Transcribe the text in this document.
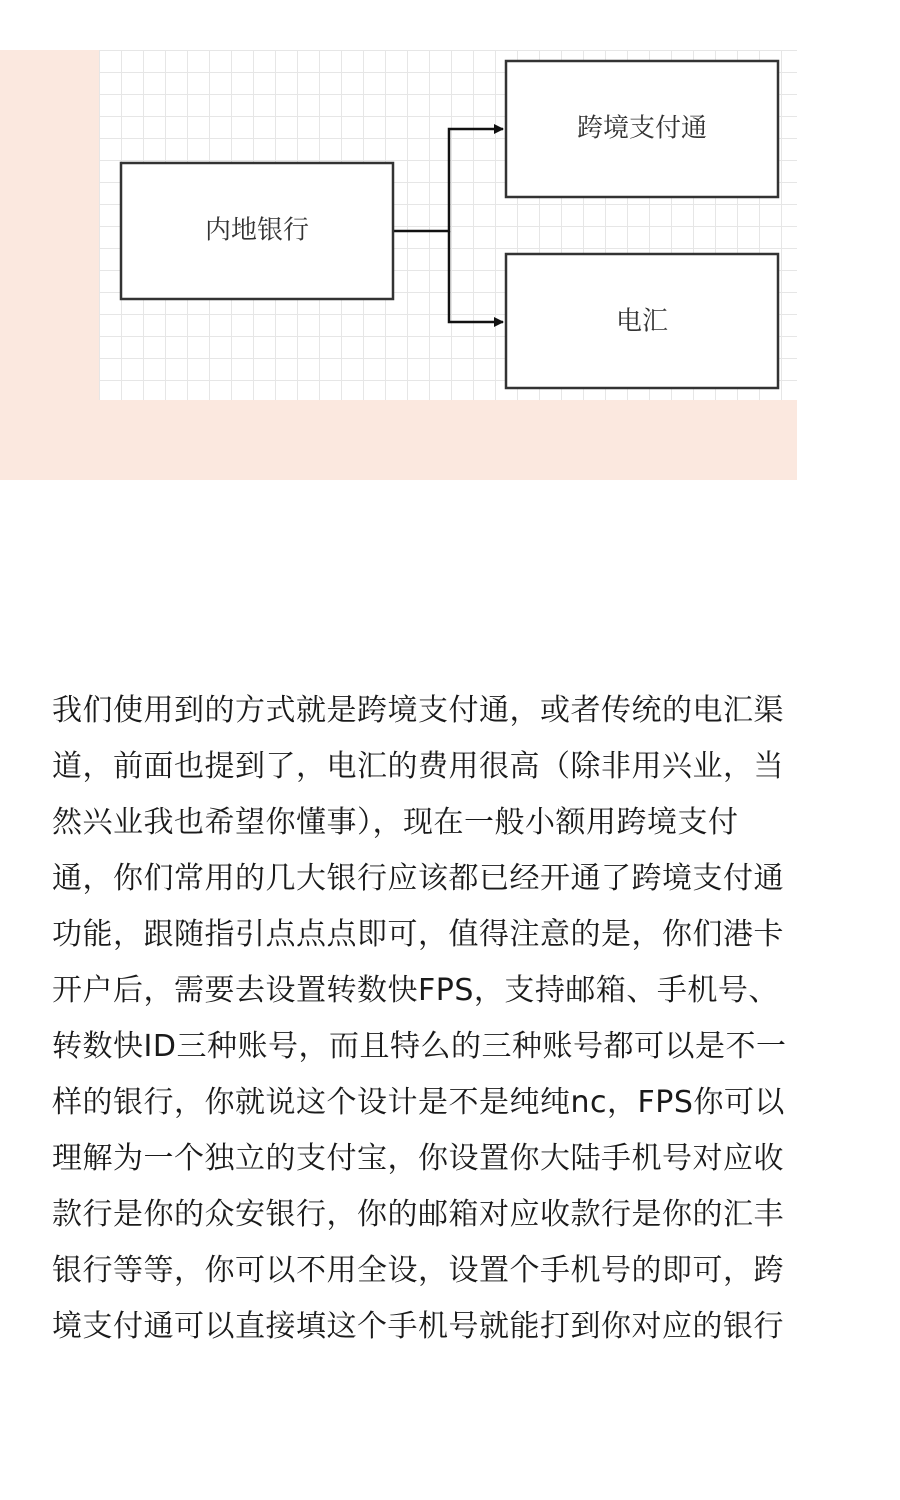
内地银行
跨境支付通
电汇
我们使用到的方式就是跨境支付通，或者传统的电汇渠
道，前面也提到了，电汇的费用很高（除非用兴业，当
然兴业我也希望你懂事），现在一般小额用跨境支付
通，你们常用的几大银行应该都已经开通了跨境支付通
功能，跟随指引点点点即可，值得注意的是，你们港卡
开户后，需要去设置转数快FPS，支持邮箱、手机号、
转数快ID三种账号，而且特么的三种账号都可以是不一
样的银行，你就说这个设计是不是纯纯nc，FPS你可以
理解为一个独立的支付宝，你设置你大陆手机号对应收
款行是你的众安银行，你的邮箱对应收款行是你的汇丰
银行等等，你可以不用全设，设置个手机号的即可，跨
境支付通可以直接填这个手机号就能打到你对应的银行
